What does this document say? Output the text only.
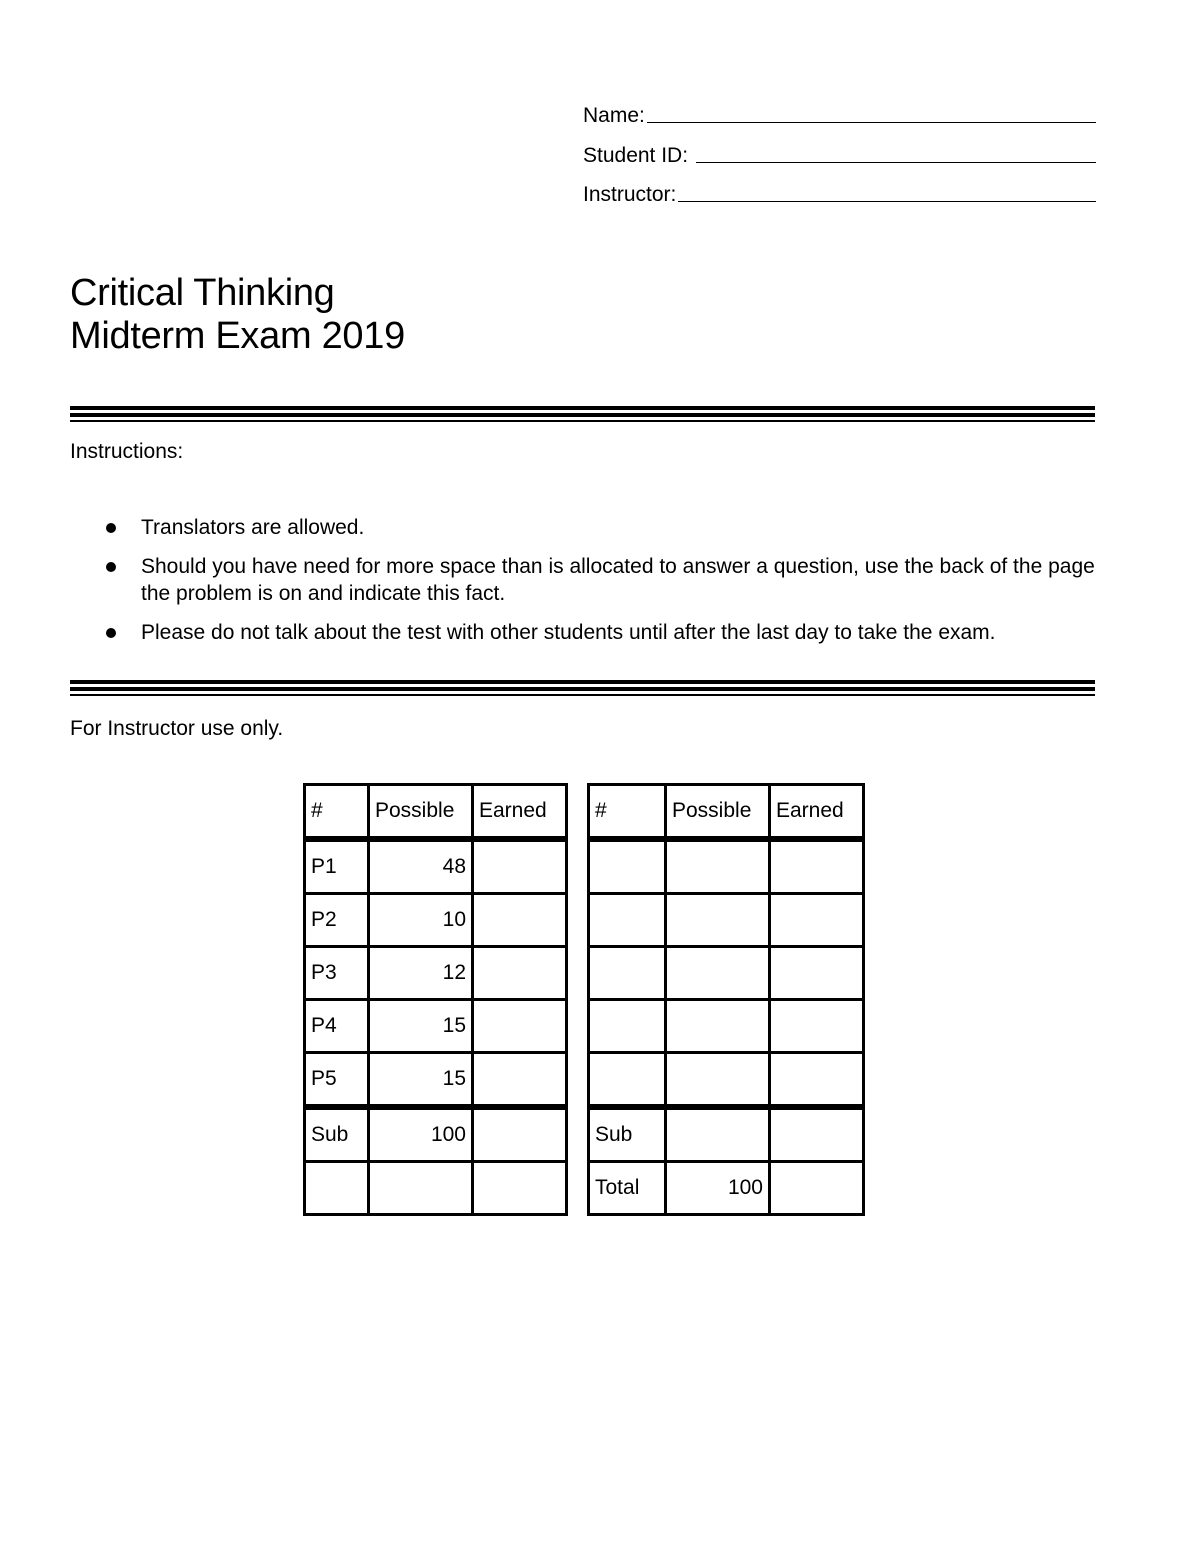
Name:
Student ID:
Instructor:
Critical Thinking
Midterm Exam 2019
Instructions:
Translators are allowed.
Should you have need for more space than is allocated to answer a question, use the back of the page the problem is on and indicate this fact.
Please do not talk about the test with other students until after the last day to take the exam.
For Instructor use only.
#	Possible	Earned

P1	48	
P2	10	
P3	12	
P4	15	
P5	15	
Sub	100	

#	Possible	Earned

Sub		
Total	100	
